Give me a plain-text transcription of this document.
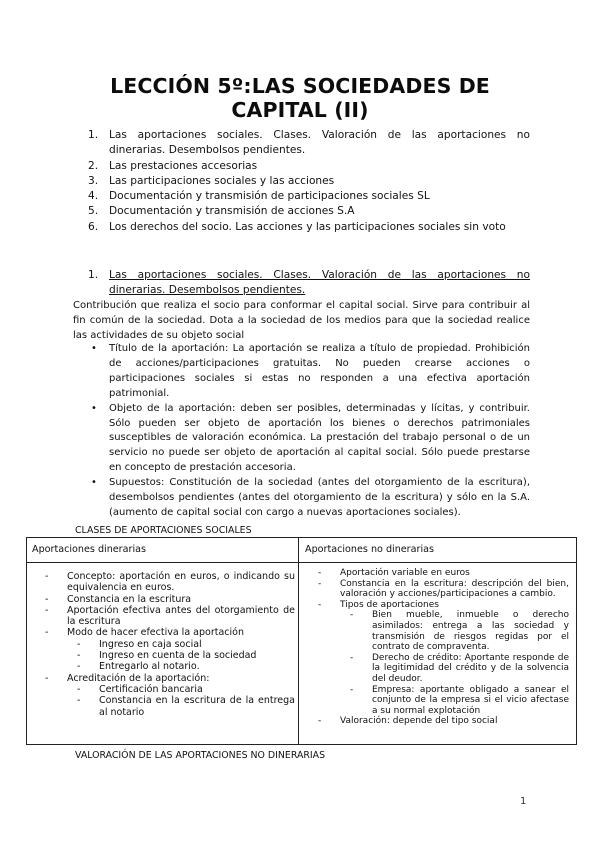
LECCIÓN 5º:LAS SOCIEDADES DE
CAPITAL (II)
1. Las aportaciones sociales. Clases. Valoración de las aportaciones no dinerarias. Desembolsos pendientes.
2. Las prestaciones accesorias
3. Las participaciones sociales y las acciones
4. Documentación y transmisión de participaciones sociales SL
5. Documentación y transmisión de acciones S.A
6. Los derechos del socio. Las acciones y las participaciones sociales sin voto
1.	Las aportaciones sociales. Clases. Valoración de las aportaciones no dinerarias. Desembolsos pendientes.

Contribución que realiza el socio para conformar el capital social. Sirve para contribuir al fin común de la sociedad. Dota a la sociedad de los medios para que la sociedad realice las actividades de su objeto social

• Título de la aportación: La aportación se realiza a título de propiedad. Prohibición de acciones/participaciones gratuitas. No pueden crearse acciones o participaciones sociales si estas no responden a una efectiva aportación patrimonial.
• Objeto de la aportación: deben ser posibles, determinadas y lícitas, y contribuir. Sólo pueden ser objeto de aportación los bienes o derechos patrimoniales susceptibles de valoración económica. La prestación del trabajo personal o de un servicio no puede ser objeto de aportación al capital social. Sólo puede prestarse en concepto de prestación accesoria.
• Supuestos: Constitución de la sociedad (antes del otorgamiento de la escritura), desembolsos pendientes (antes del otorgamiento de la escritura) y sólo en la S.A. (aumento de capital social con cargo a nuevas aportaciones sociales).
CLASES DE APORTACIONES SOCIALES
Aportaciones dinerarias	Aportaciones no dinerarias
- Concepto: aportación en euros, o indicando su equivalencia en euros.
- Constancia en la escritura
- Aportación efectiva antes del otorgamiento de la escritura
- Modo de hacer efectiva la aportación
- Ingreso en caja social
- Ingreso en cuenta de la sociedad
- Entregarlo al notario.
- Acreditación de la aportación:
- Certificación bancaria
- Constancia en la escritura de la entrega al notario
- Aportación variable en euros
- Constancia en la escritura: descripción del bien, valoración y acciones/participaciones a cambio.
- Tipos de aportaciones
- Bien mueble, inmueble o derecho asimilados: entrega a las sociedad y transmisión de riesgos regidas por el contrato de compraventa.
- Derecho de crédito: Aportante responde de la legitimidad del crédito y de la solvencia del deudor.
- Empresa: aportante obligado a sanear el conjunto de la empresa si el vicio afectase a su normal explotación
- Valoración: depende del tipo social
VALORACIÓN DE LAS APORTACIONES NO DINERARIAS
1
